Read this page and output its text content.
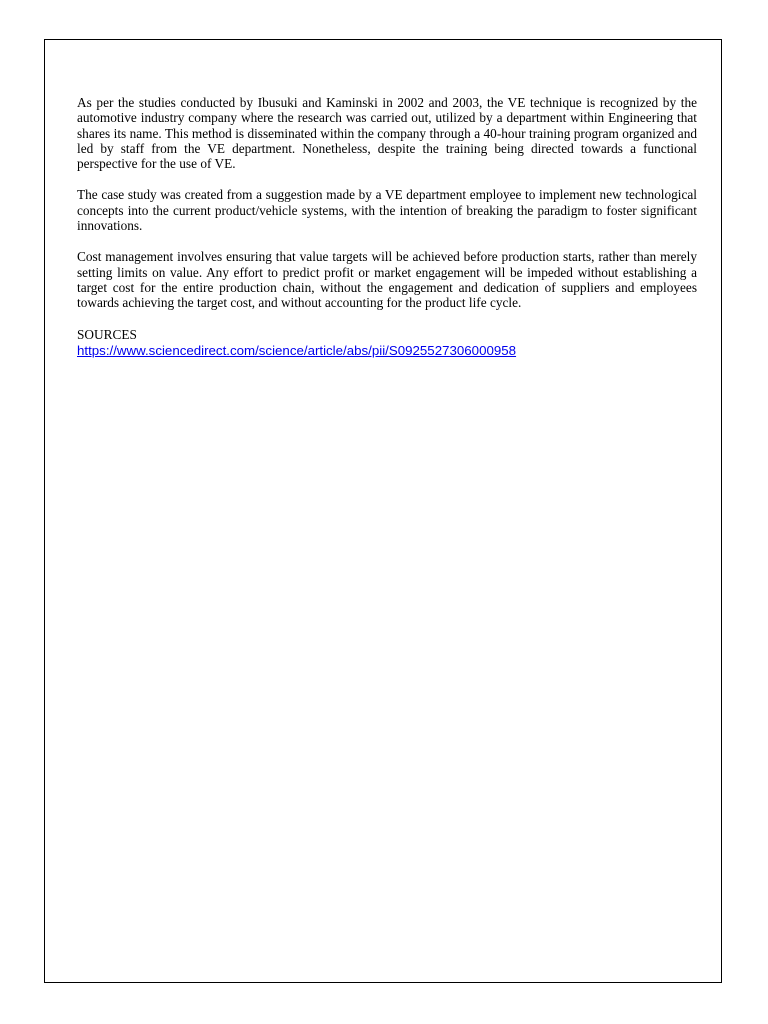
As per the studies conducted by Ibusuki and Kaminski in 2002 and 2003, the VE technique is recognized by the automotive industry company where the research was carried out, utilized by a department within Engineering that shares its name. This method is disseminated within the company through a 40-hour training program organized and led by staff from the VE department. Nonetheless, despite the training being directed towards a functional perspective for the use of VE.

The case study was created from a suggestion made by a VE department employee to implement new technological concepts into the current product/vehicle systems, with the intention of breaking the paradigm to foster significant innovations.

Cost management involves ensuring that value targets will be achieved before production starts, rather than merely setting limits on value. Any effort to predict profit or market engagement will be impeded without establishing a target cost for the entire production chain, without the engagement and dedication of suppliers and employees towards achieving the target cost, and without accounting for the product life cycle.

SOURCES

https://www.sciencedirect.com/science/article/abs/pii/S0925527306000958
